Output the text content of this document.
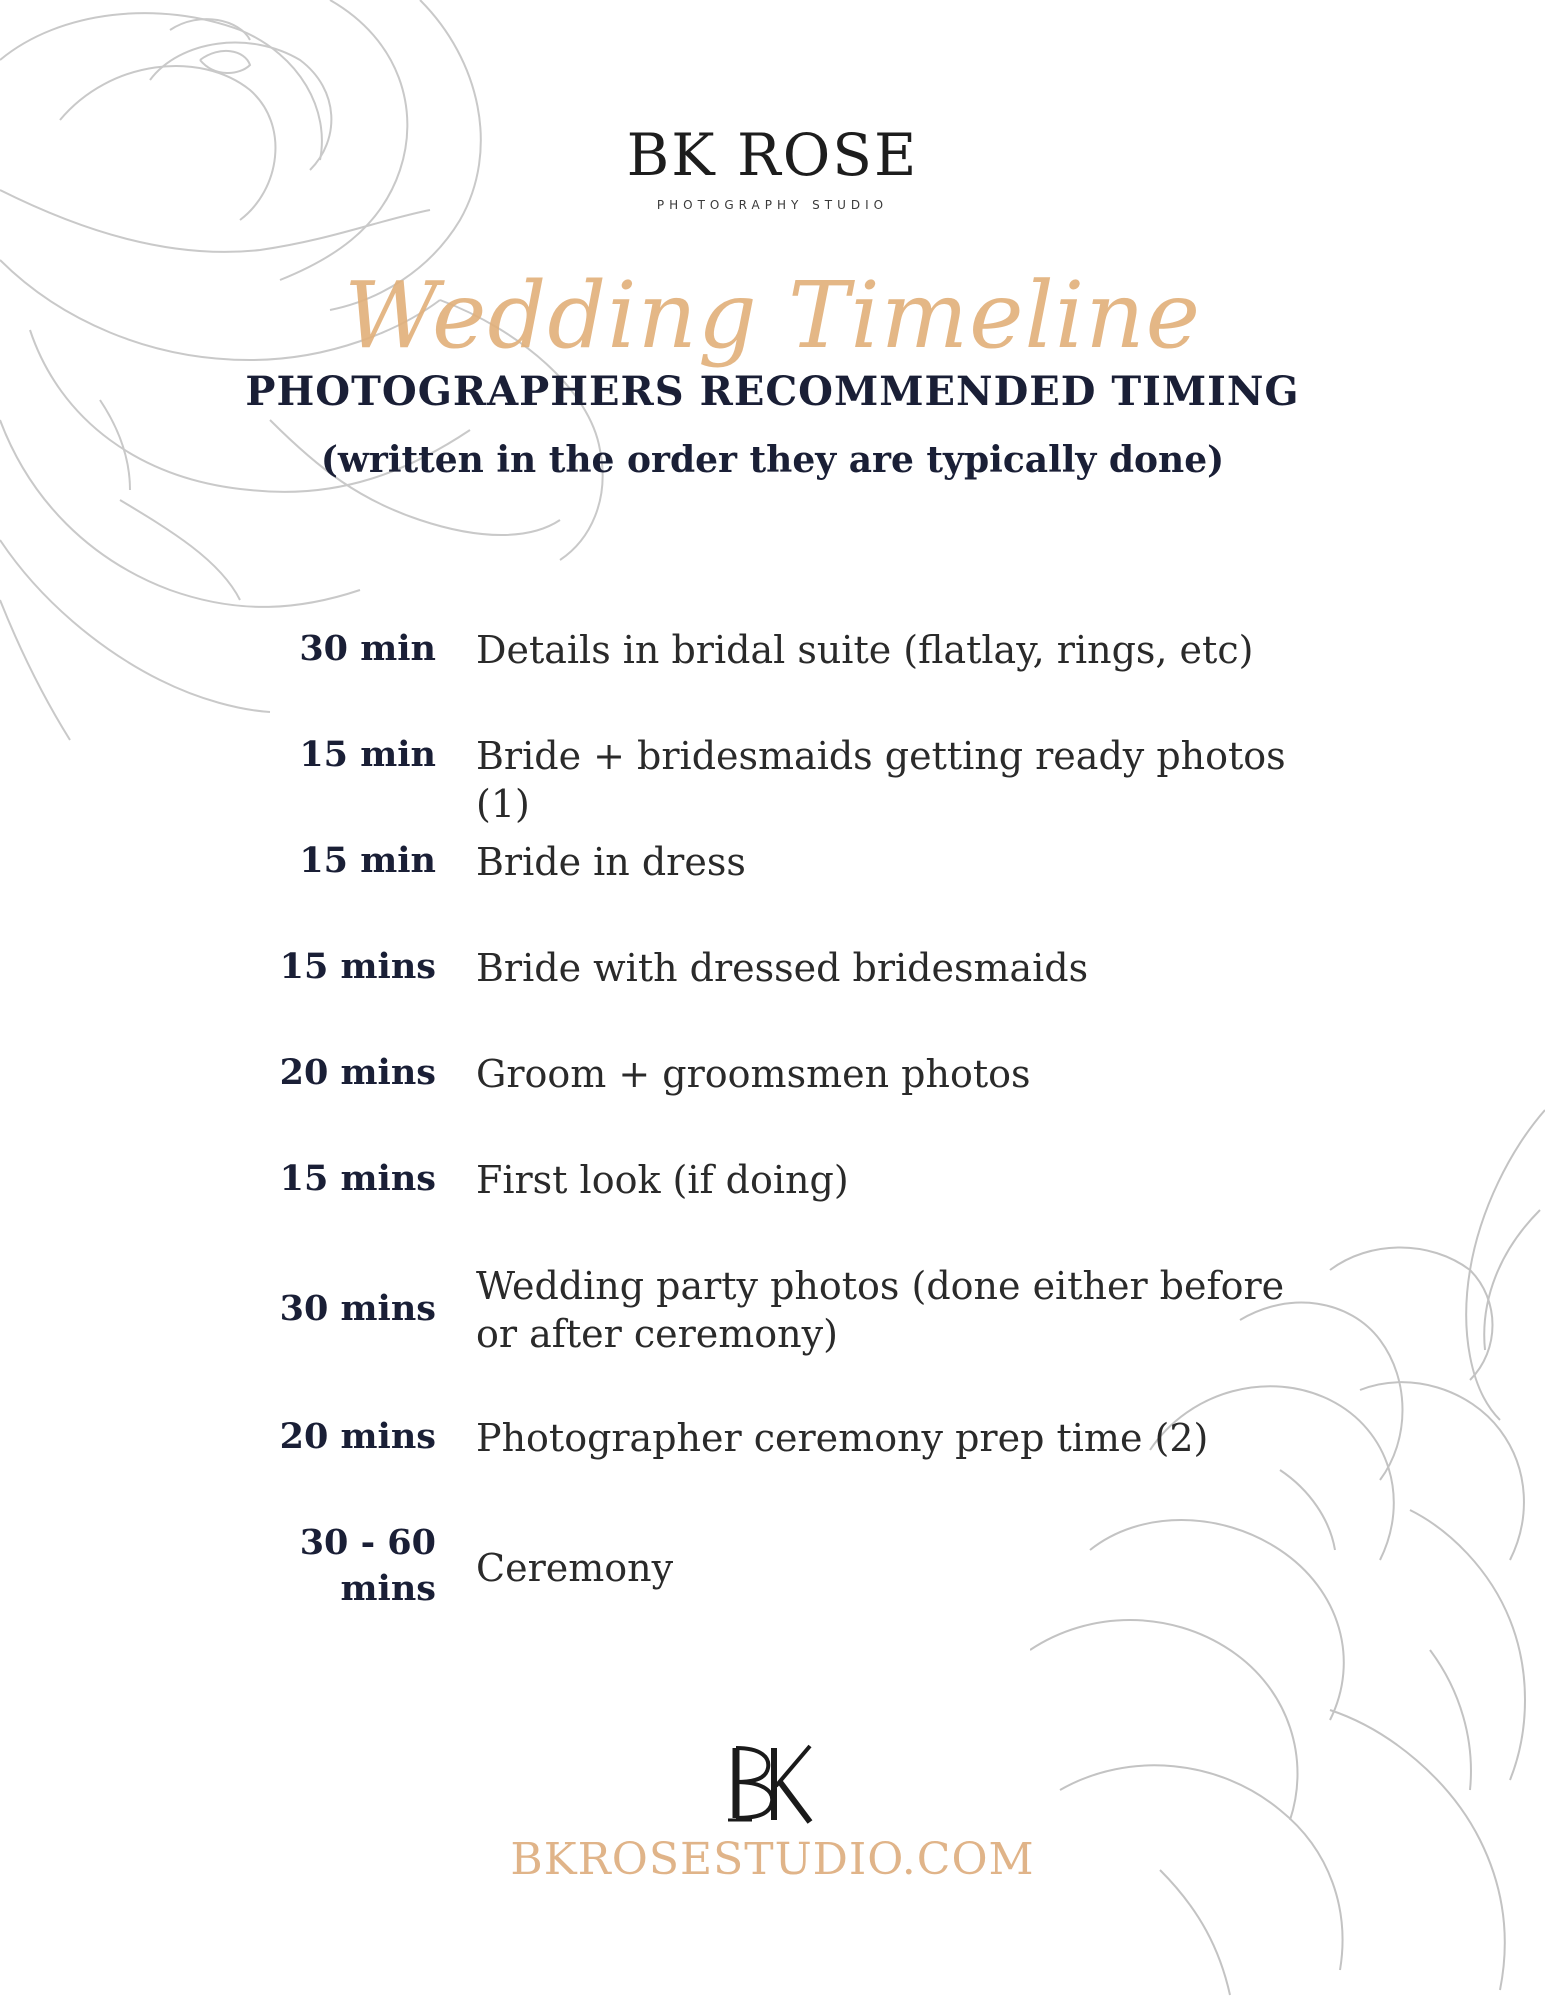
BK ROSE
PHOTOGRAPHY STUDIO
Wedding Timeline
PHOTOGRAPHERS RECOMMENDED TIMING
(written in the order they are typically done)
30 min Details in bridal suite (flatlay, rings, etc)
15 min Bride + bridesmaids getting ready photos (1)
15 min Bride in dress
15 mins Bride with dressed bridesmaids
20 mins Groom + groomsmen photos
15 mins First look (if doing)
30 mins
Wedding party photos (done either before or after ceremony)
20 mins Photographer ceremony prep time (2)
30 - 60 mins Ceremony
BKROSESTUDIO.COM
